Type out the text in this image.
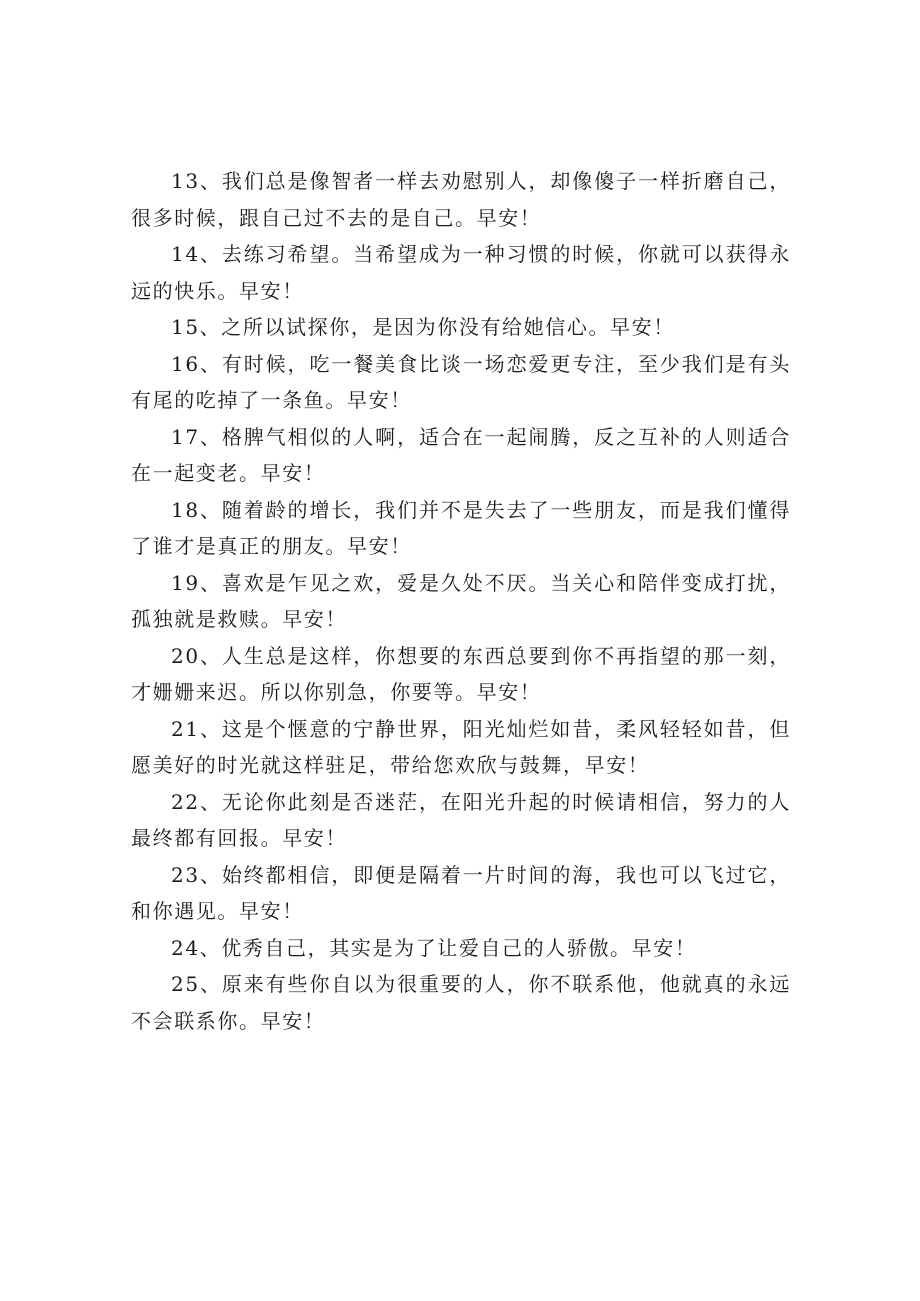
13、我们总是像智者一样去劝慰别人，却像傻子一样折磨自己，很多时候，跟自己过不去的是自己。早安！

14、去练习希望。当希望成为一种习惯的时候，你就可以获得永远的快乐。早安！

15、之所以试探你，是因为你没有给她信心。早安！

16、有时候，吃一餐美食比谈一场恋爱更专注，至少我们是有头有尾的吃掉了一条鱼。早安！

17、格脾气相似的人啊，适合在一起闹腾，反之互补的人则适合在一起变老。早安！

18、随着龄的增长，我们并不是失去了一些朋友，而是我们懂得了谁才是真正的朋友。早安！

19、喜欢是乍见之欢，爱是久处不厌。当关心和陪伴变成打扰，孤独就是救赎。早安！

20、人生总是这样，你想要的东西总要到你不再指望的那一刻，才姗姗来迟。所以你别急，你要等。早安！

21、这是个惬意的宁静世界，阳光灿烂如昔，柔风轻轻如昔，但愿美好的时光就这样驻足，带给您欢欣与鼓舞，早安！

22、无论你此刻是否迷茫，在阳光升起的时候请相信，努力的人最终都有回报。早安！

23、始终都相信，即便是隔着一片时间的海，我也可以飞过它，和你遇见。早安！

24、优秀自己，其实是为了让爱自己的人骄傲。早安！

25、原来有些你自以为很重要的人，你不联系他，他就真的永远不会联系你。早安！
